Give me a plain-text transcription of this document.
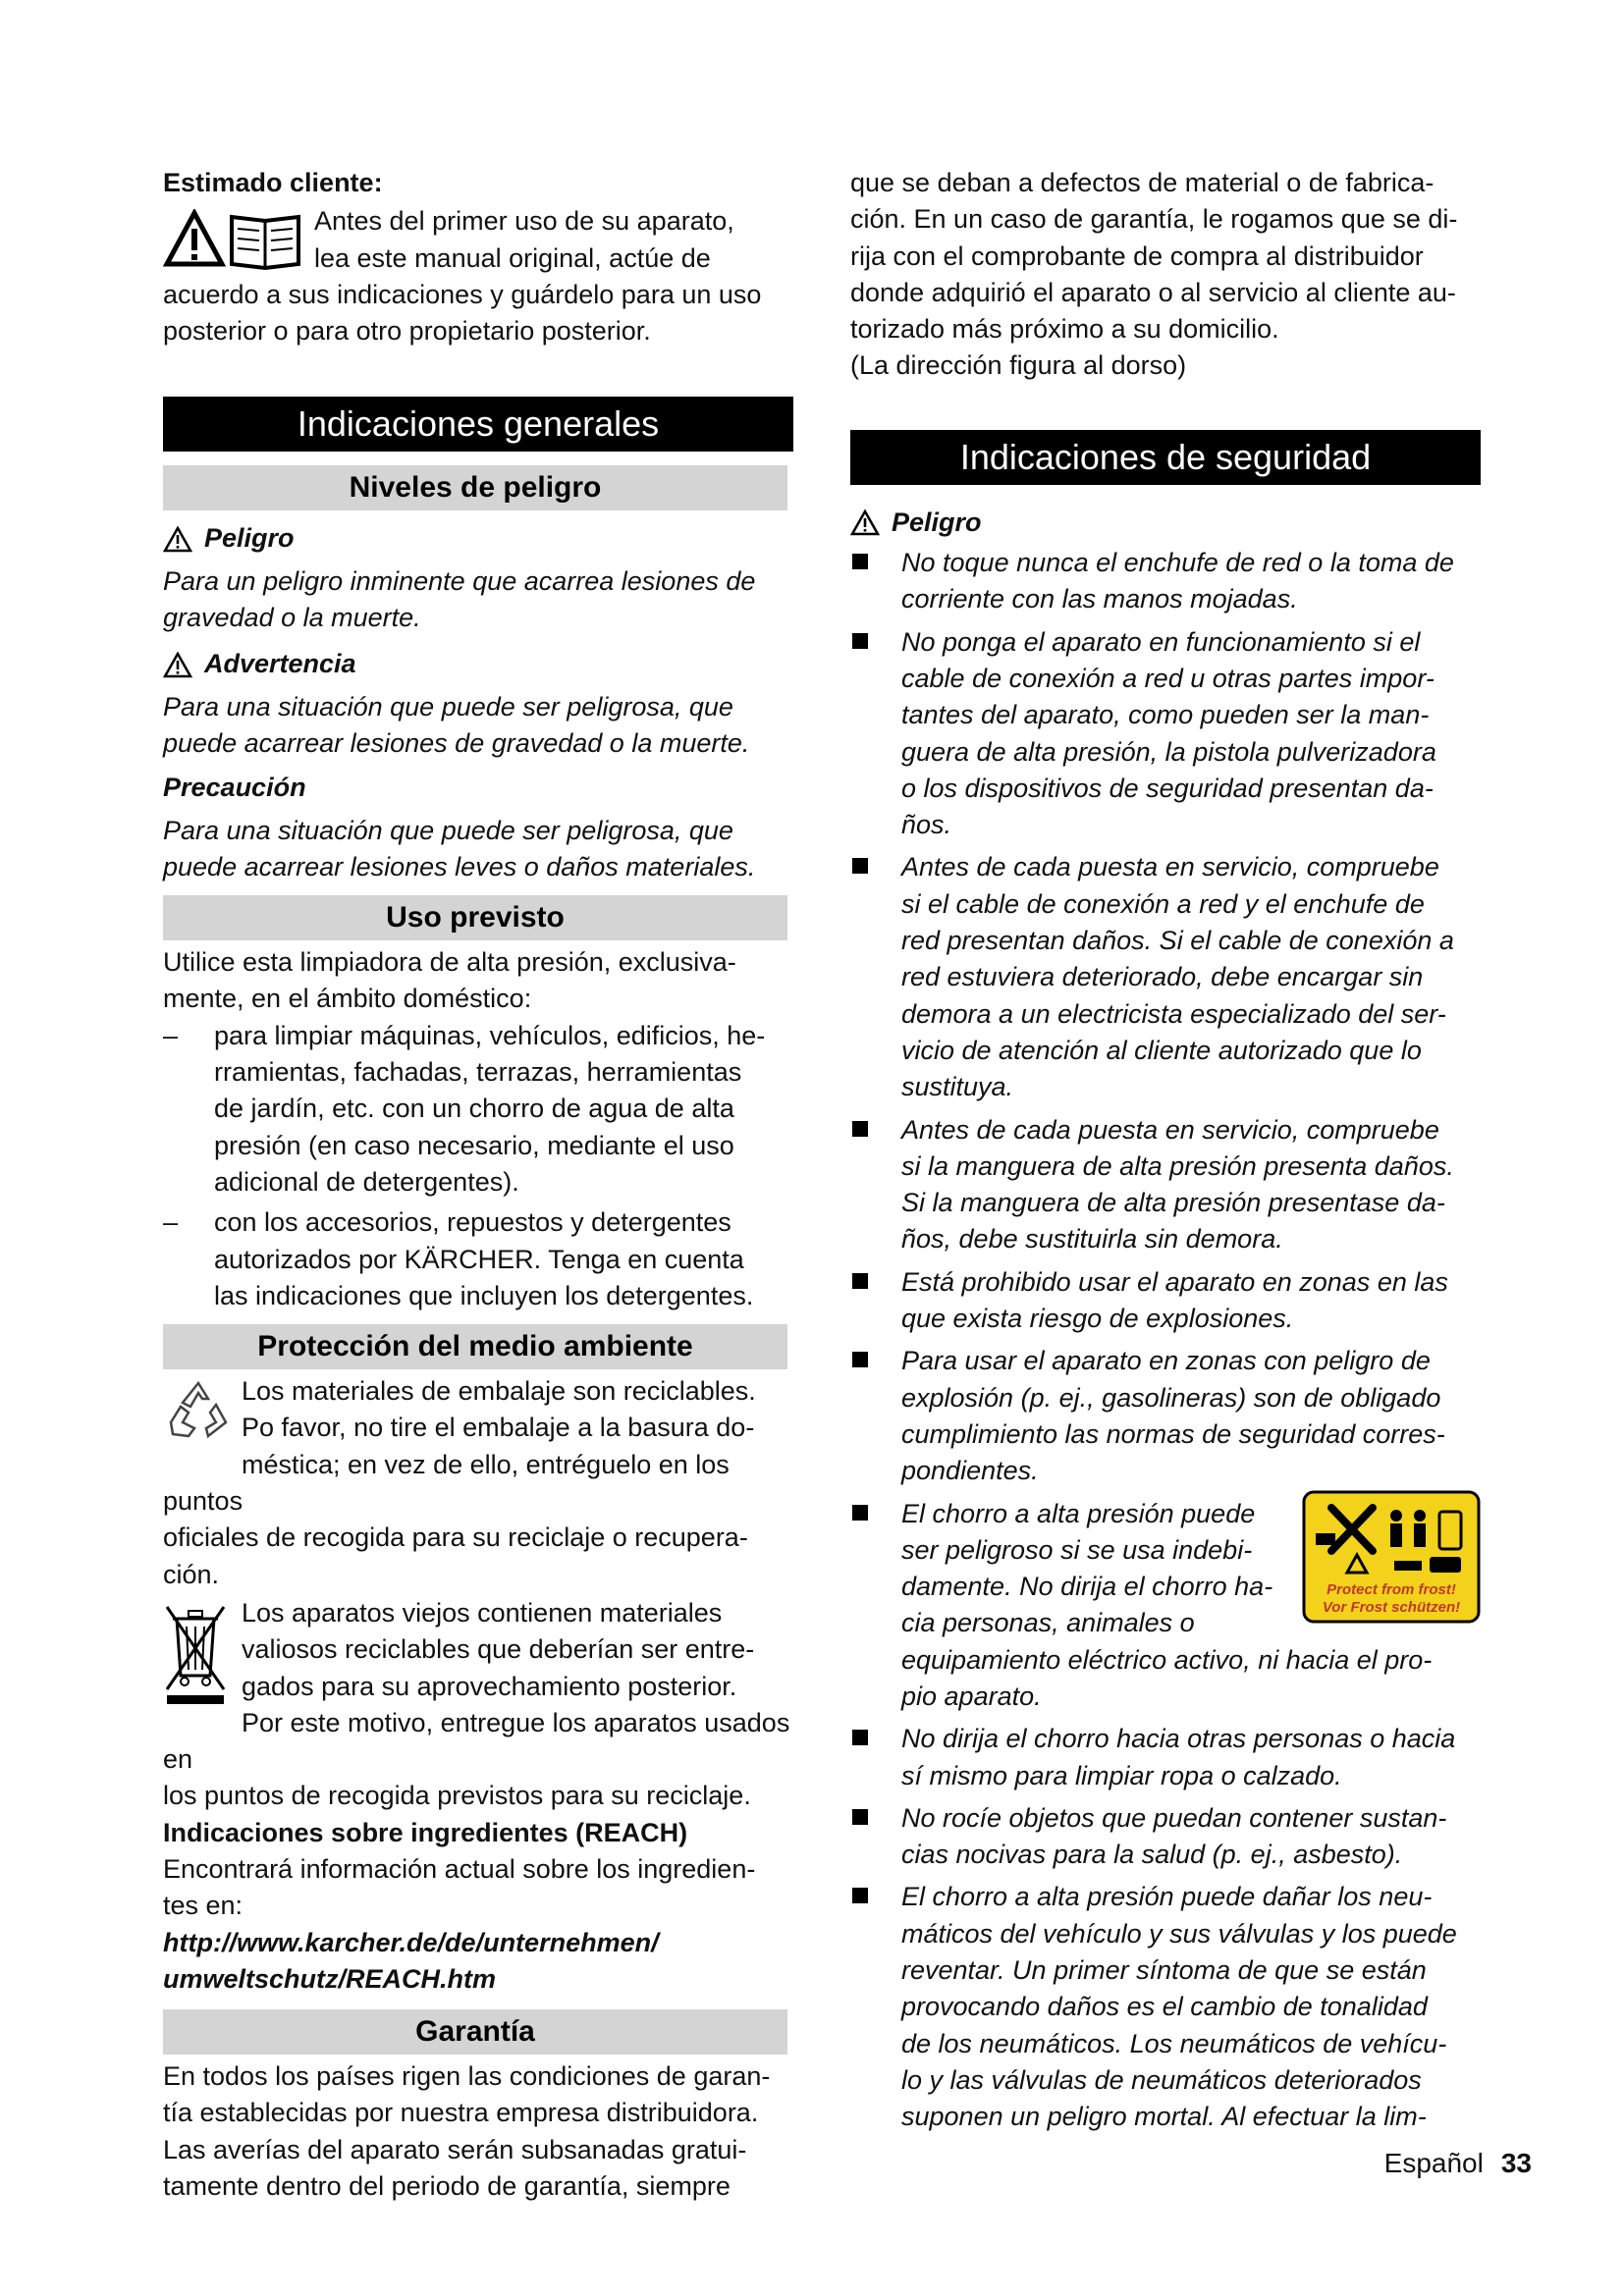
Estimado cliente:

Antes del primer uso de su aparato,
lea este manual original, actúe de
acuerdo a sus indicaciones y guárdelo para un uso
posterior o para otro propietario posterior.
Indicaciones generales
Niveles de peligro
Peligro

Para un peligro inminente que acarrea lesiones de

gravedad o la muerte.

Advertencia

Para una situación que puede ser peligrosa, que

puede acarrear lesiones de gravedad o la muerte.

Precaución

Para una situación que puede ser peligrosa, que

puede acarrear lesiones leves o daños materiales.

Uso previsto

Utilice esta limpiadora de alta presión, exclusiva-

mente, en el ámbito doméstico:

–	para limpiar máquinas, vehículos, edificios, he-
rramientas, fachadas, terrazas, herramientas
de jardín, etc. con un chorro de agua de alta
presión (en caso necesario, mediante el uso
adicional de detergentes).
–	con los accesorios, repuestos y detergentes
autorizados por KÄRCHER. Tenga en cuenta
las indicaciones que incluyen los detergentes.
Protección del medio ambiente
Los materiales de embalaje son reciclables.
Po favor, no tire el embalaje a la basura do-
méstica; en vez de ello, entréguelo en los puntos
oficiales de recogida para su reciclaje o recupera-
ción.
Los aparatos viejos contienen materiales
valiosos reciclables que deberían ser entre-
gados para su aprovechamiento posterior.
Por este motivo, entregue los aparatos usados en
los puntos de recogida previstos para su reciclaje.

Indicaciones sobre ingredientes (REACH)

Encontrará información actual sobre los ingredien-

tes en:

http://www.karcher.de/de/unternehmen/

umweltschutz/REACH.htm

Garantía

En todos los países rigen las condiciones de garan-

tía establecidas por nuestra empresa distribuidora.

Las averías del aparato serán subsanadas gratui-

tamente dentro del periodo de garantía, siempre

que se deban a defectos de material o de fabrica-

ción. En un caso de garantía, le rogamos que se di-

rija con el comprobante de compra al distribuidor

donde adquirió el aparato o al servicio al cliente au-

torizado más próximo a su domicilio.

(La dirección figura al dorso)

Indicaciones de seguridad
Peligro
No toque nunca el enchufe de red o la toma de
corriente con las manos mojadas.
No ponga el aparato en funcionamiento si el
cable de conexión a red u otras partes impor-
tantes del aparato, como pueden ser la man-
guera de alta presión, la pistola pulverizadora
o los dispositivos de seguridad presentan da-
ños.
Antes de cada puesta en servicio, compruebe
si el cable de conexión a red y el enchufe de
red presentan daños. Si el cable de conexión a
red estuviera deteriorado, debe encargar sin
demora a un electricista especializado del ser-
vicio de atención al cliente autorizado que lo
sustituya.
Antes de cada puesta en servicio, compruebe
si la manguera de alta presión presenta daños.
Si la manguera de alta presión presentase da-
ños, debe sustituirla sin demora.
Está prohibido usar el aparato en zonas en las
que exista riesgo de explosiones.
Para usar el aparato en zonas con peligro de
explosión (p. ej., gasolineras) son de obligado
cumplimiento las normas de seguridad corres-
pondientes.
Protect from frost!
Vor Frost schützen!
El chorro a alta presión puede
ser peligroso si se usa indebi-
damente. No dirija el chorro ha-
cia personas, animales o
equipamiento eléctrico activo, ni hacia el pro-
pio aparato.
No dirija el chorro hacia otras personas o hacia
sí mismo para limpiar ropa o calzado.
No rocíe objetos que puedan contener sustan-
cias nocivas para la salud (p. ej., asbesto).
El chorro a alta presión puede dañar los neu-
máticos del vehículo y sus válvulas y los puede
reventar. Un primer síntoma de que se están
provocando daños es el cambio de tonalidad
de los neumáticos. Los neumáticos de vehícu-
lo y las válvulas de neumáticos deteriorados
suponen un peligro mortal. Al efectuar la lim-
Español 33
